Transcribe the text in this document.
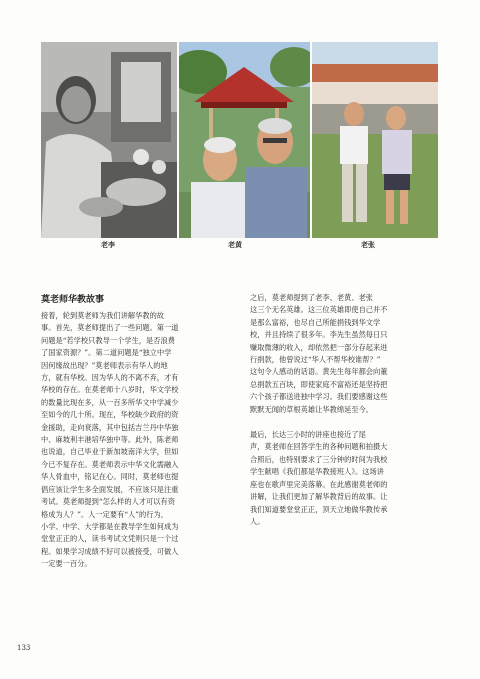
老李	老黄	老张
莫老师华教故事

接着，轮到莫老师为我们讲解华教的故

事。首先，莫老师提出了一些问题。第一道

问题是“若学校只教导一个学生，是否浪费

了国家资源？”。第二道问题是“独立中学

因何缘故出现？”莫老师表示有华人的地

方，就有华校。因为华人的不离不弃，才有

华校的存在。在莫老师十八岁时，华文学校

的数量比现在多，从一百多所华文中学减少

至如今的几十所。现在，华校缺少政府的资

金援助，走向衰落，其中包括吉兰丹中华独

中、麻坡利丰港培华独中等。此外，陈老师

也说道，自己毕业于新加坡南洋大学，但如

今已不复存在。莫老师表示中华文化需融入

华人骨血中，铭记在心。同时，莫老师也提

倡应该让学生多全面发展，不应该只是注重

考试。莫老师提到“怎么样的人才可以有资

格成为人？”。人一定要有“人”的行为，

小学、中学、大学都是在教导学生如何成为

堂堂正正的人，读书考试文凭则只是一个过

程。如果学习成绩不好可以被接受，可做人

一定要一百分。

之后，莫老师提到了老李、老黄、老张

这三个无名英雄。这三位英雄即使自己并不

是那么富裕，也尽自己所能捐钱到华文学

校，并且持续了很多年。李先生虽然每日只

赚取微薄的收入，却依然把一部分存起来进

行捐款，他曾说过“华人不帮华校谁帮？”

这句令人感动的话语。黄先生每年都会向董

总捐款五百块，即使家庭不富裕还是坚持把

六个孩子都送进独中学习。我们要感谢这些

默默无闻的草根英雄让华教绵延至今。

最后，长达三小时的讲座也接近了尾

声，莫老师在回答学生的各种问题和拍摄大

合照后，也特别要求了三分钟的时间为我校

学生献唱《我们都是华教接班人》。这场讲

座也在歌声里完美落幕。在此感谢莫老师的

讲解，让我们更加了解华教背后的故事。让

我们知道要堂堂正正，顶天立地做华教传承

人。

133
